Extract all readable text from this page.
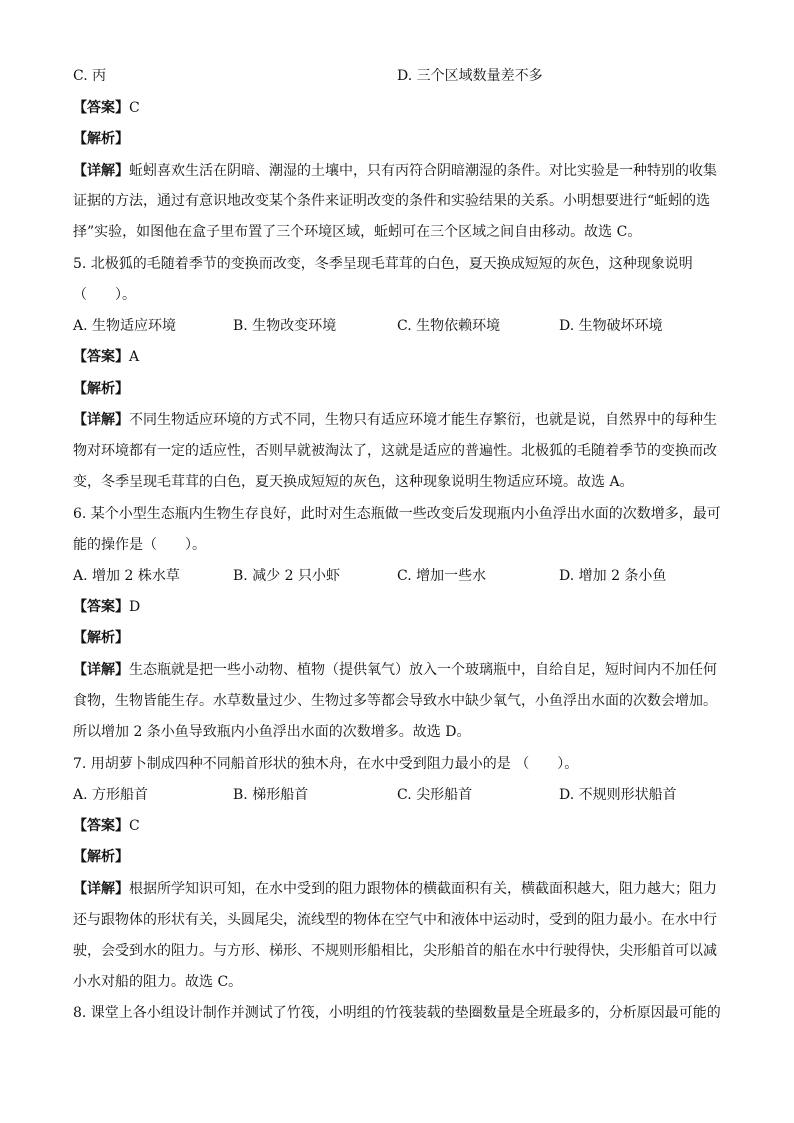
C. 丙	D. 三个区域数量差不多
【答案】C
【解析】
【详解】蚯蚓喜欢生活在阴暗、潮湿的土壤中，只有丙符合阴暗潮湿的条件。对比实验是一种特别的收集
证据的方法，通过有意识地改变某个条件来证明改变的条件和实验结果的关系。小明想要进行“蚯蚓的选
择”实验，如图他在盒子里布置了三个环境区域，蚯蚓可在三个区域之间自由移动。故选 C。
5. 北极狐的毛随着季节的变换而改变，冬季呈现毛茸茸的白色，夏天换成短短的灰色，这种现象说明
（　　）。
A. 生物适应环境	B. 生物改变环境	C. 生物依赖环境	D. 生物破坏环境
【答案】A
【解析】
【详解】不同生物适应环境的方式不同，生物只有适应环境才能生存繁衍，也就是说，自然界中的每种生
物对环境都有一定的适应性，否则早就被淘汰了，这就是适应的普遍性。北极狐的毛随着季节的变换而改
变，冬季呈现毛茸茸的白色，夏天换成短短的灰色，这种现象说明生物适应环境。故选 A。
6. 某个小型生态瓶内生物生存良好，此时对生态瓶做一些改变后发现瓶内小鱼浮出水面的次数增多，最可
能的操作是（　　）。
A. 增加 2 株水草	B. 减少 2 只小虾	C. 增加一些水	D. 增加 2 条小鱼
【答案】D
【解析】
【详解】生态瓶就是把一些小动物、植物（提供氧气）放入一个玻璃瓶中，自给自足，短时间内不加任何
食物，生物皆能生存。水草数量过少、生物过多等都会导致水中缺少氧气，小鱼浮出水面的次数会增加。
所以增加 2 条小鱼导致瓶内小鱼浮出水面的次数增多。故选 D。
7. 用胡萝卜制成四种不同船首形状的独木舟，在水中受到阻力最小的是 （　　）。
A. 方形船首	B. 梯形船首	C. 尖形船首	D. 不规则形状船首
【答案】C
【解析】
【详解】根据所学知识可知，在水中受到的阻力跟物体的横截面积有关，横截面积越大，阻力越大；阻力
还与跟物体的形状有关，头圆尾尖，流线型的物体在空气中和液体中运动时，受到的阻力最小。在水中行
驶，会受到水的阻力。与方形、梯形、不规则形船相比，尖形船首的船在水中行驶得快，尖形船首可以减
小水对船的阻力。故选 C。
8. 课堂上各小组设计制作并测试了竹筏，小明组的竹筏装载的垫圈数量是全班最多的，分析原因最可能的
